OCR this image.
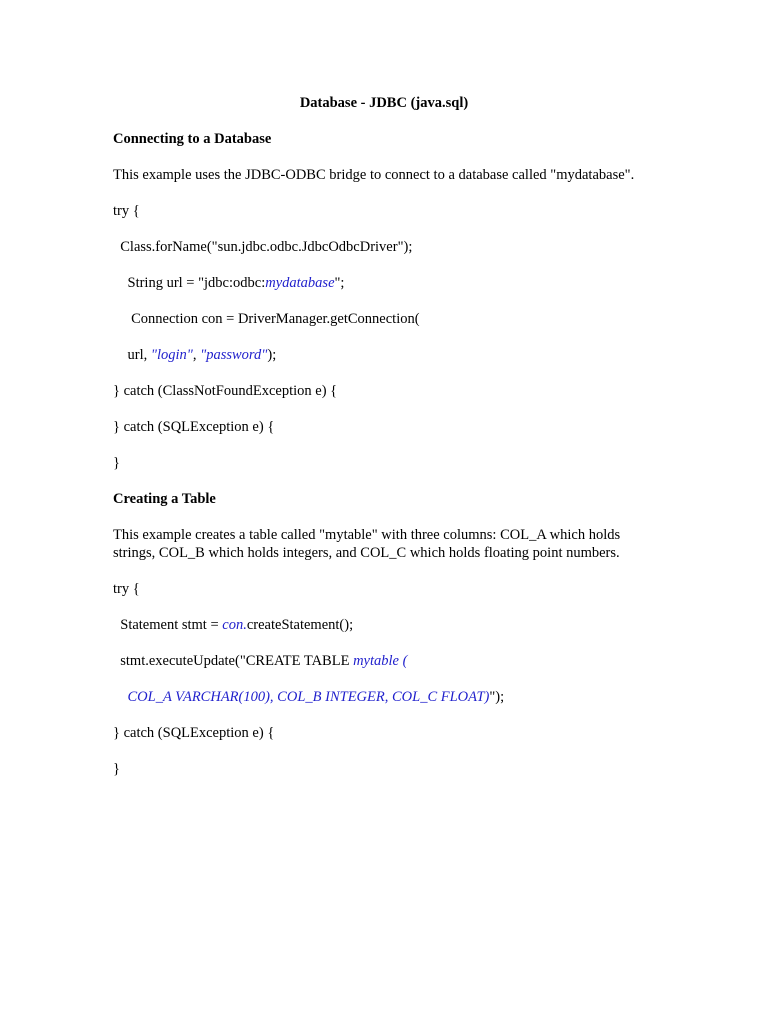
Database - JDBC (java.sql)
Connecting to a Database
This example uses the JDBC-ODBC bridge to connect to a database called "mydatabase".
try {
Class.forName("sun.jdbc.odbc.JdbcOdbcDriver");
String url = "jdbc:odbc:mydatabase";
Connection con = DriverManager.getConnection(
url, "login", "password");
} catch (ClassNotFoundException e) {
} catch (SQLException e) {
}
Creating a Table
This example creates a table called "mytable" with three columns: COL_A which holds
strings, COL_B which holds integers, and COL_C which holds floating point numbers.
try {
Statement stmt = con.createStatement();
stmt.executeUpdate("CREATE TABLE mytable (
COL_A VARCHAR(100), COL_B INTEGER, COL_C FLOAT)");
} catch (SQLException e) {
}
